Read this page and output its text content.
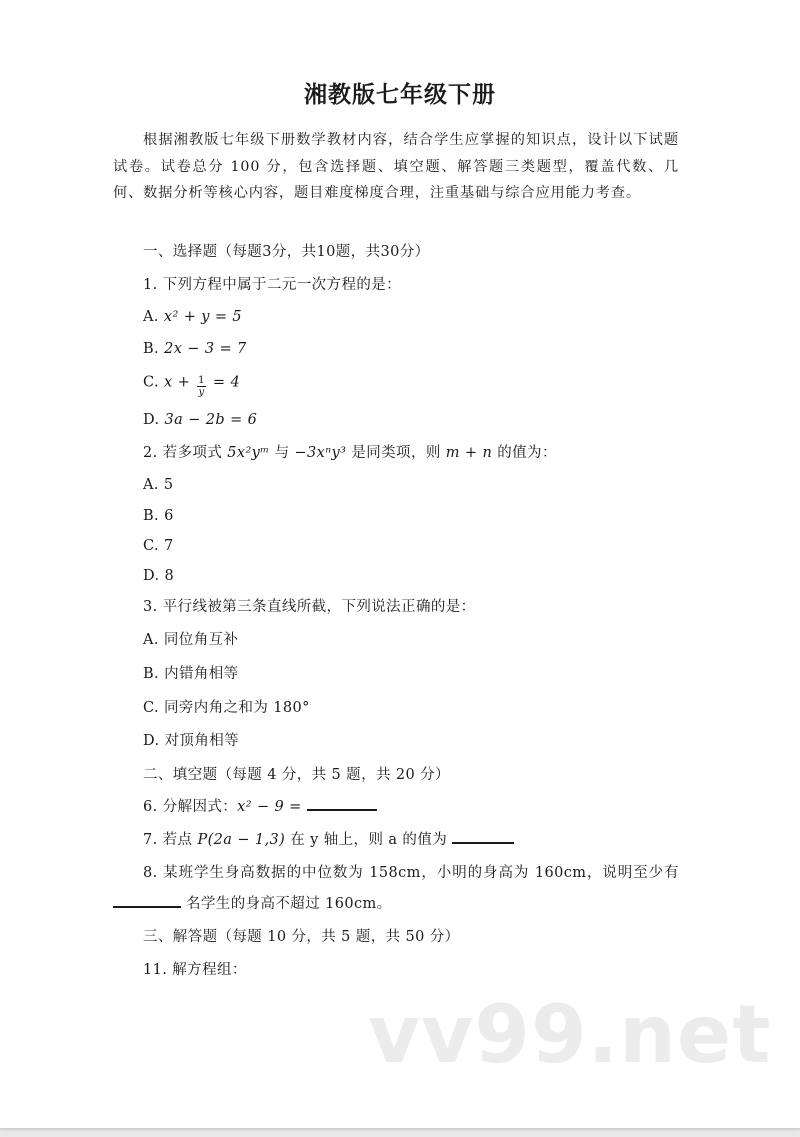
湘教版七年级下册

根据湘教版七年级下册数学教材内容，结合学生应掌握的知识点，设计以下试题试卷。试卷总分 100 分，包含选择题、填空题、解答题三类题型，覆盖代数、几何、数据分析等核心内容，题目难度梯度合理，注重基础与综合应用能力考查。

一、选择题（每题3分，共10题，共30分）
1. 下列方程中属于二元一次方程的是：
A. x² + y = 5
B. 2x − 3 = 7
C. $x + \frac{1}{y} = 4$
D. 3a − 2b = 6
2. 若多项式 5x²yᵐ 与 −3xⁿy³ 是同类项，则 m + n 的值为：
A. 5
B. 6
C. 7
D. 8
3. 平行线被第三条直线所截，下列说法正确的是：
A. 同位角互补
B. 内错角相等
C. 同旁内角之和为 180°
D. 对顶角相等
二、填空题（每题 4 分，共 5 题，共 20 分）
6. 分解因式：x² − 9 =
7. 若点 P(2a − 1,3) 在 y 轴上，则 a 的值为
8. 某班学生身高数据的中位数为 158cm，小明的身高为 160cm，说明至少有  名学生的身高不超过 160cm。
三、解答题（每题 10 分，共 5 题，共 50 分）
11. 解方程组：
vv99.net
